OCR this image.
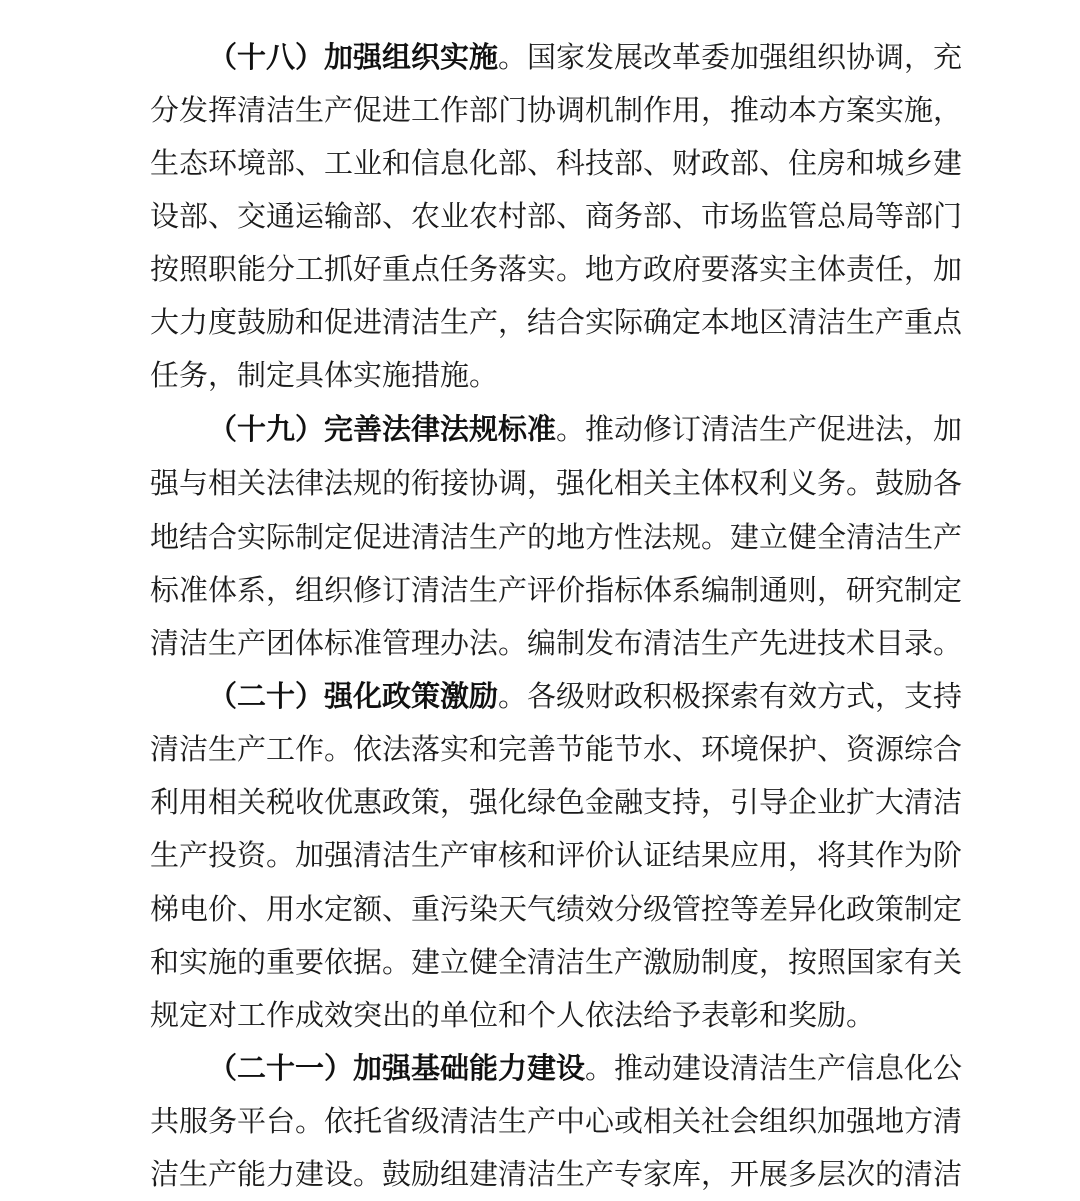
（十八）加强组织实施。国家发展改革委加强组织协调，充
分发挥清洁生产促进工作部门协调机制作用，推动本方案实施，
生态环境部、工业和信息化部、科技部、财政部、住房和城乡建
设部、交通运输部、农业农村部、商务部、市场监管总局等部门
按照职能分工抓好重点任务落实。地方政府要落实主体责任，加
大力度鼓励和促进清洁生产，结合实际确定本地区清洁生产重点
任务，制定具体实施措施。
（十九）完善法律法规标准。推动修订清洁生产促进法，加
强与相关法律法规的衔接协调，强化相关主体权利义务。鼓励各
地结合实际制定促进清洁生产的地方性法规。建立健全清洁生产
标准体系，组织修订清洁生产评价指标体系编制通则，研究制定
清洁生产团体标准管理办法。编制发布清洁生产先进技术目录。
（二十）强化政策激励。各级财政积极探索有效方式，支持
清洁生产工作。依法落实和完善节能节水、环境保护、资源综合
利用相关税收优惠政策，强化绿色金融支持，引导企业扩大清洁
生产投资。加强清洁生产审核和评价认证结果应用，将其作为阶
梯电价、用水定额、重污染天气绩效分级管控等差异化政策制定
和实施的重要依据。建立健全清洁生产激励制度，按照国家有关
规定对工作成效突出的单位和个人依法给予表彰和奖励。
（二十一）加强基础能力建设。推动建设清洁生产信息化公
共服务平台。依托省级清洁生产中心或相关社会组织加强地方清
洁生产能力建设。鼓励组建清洁生产专家库，开展多层次的清洁
